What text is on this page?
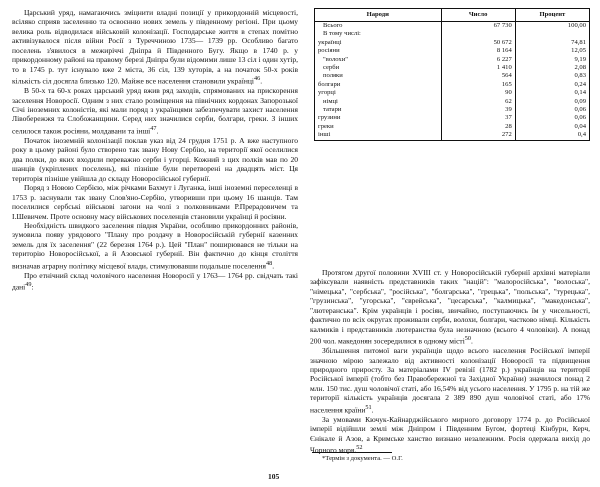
Царський уряд, намагаючись змiцнити владнi позицiї у прикордоннiй мiсцевостi, всiляко сприяв заселенню та освоєнню нових земель у пiвденному регiонi. При цьому велика роль вiдводилася вiйськовiй колонiзацiї. Господарське життя в степах помiтно активiзувалося пiсля вiйни Росiї з Туреччиною 1735— 1739 рр. Особливо багато поселень з'явилося в межирiччi Днiпра й Пiвденного Бугу. Якщо в 1740 р. у прикордонному районi на правому березi Днiпра були вiдомими лише 13 сiл i один хутiр, то в 1745 р. тут iснувало вже 2 мiста, 36 сiл, 139 хуторiв, а на початок 50-х рокiв кiлькiсть сiл досягла близько 120. Майже все населення становили українцi$^{46}$.

В 50-х та 60-х роках царський уряд вжив ряд заходiв, спрямованих на прискорення заселення Новоросiї. Одним з них стало розмiщення на пiвнiчних кордонах Запорозької Сiчi iноземних колонiстiв, якi мали поряд з українцями забезпечувати захист населення Лiвобережжя та Слобожанщини. Серед них значилися серби, болгари, греки. З iнших селилося також росiяни, молдавани та iншi$^{47}$.

Початок iноземнiй колонiзацiї поклав указ вiд 24 грудня 1751 р. А вже наступного року в цьому районi було створено так звану Нову Сербiю, на територiї якої оселилися два полки, до яких входили переважно серби i угорцi. Кожний з цих полкiв мав по 20 шанцiв (укрiплених поселень), якi пiзнiше були перетворенi на двадцять мiст. Ця територiя пiзнiше увiйшла до складу Новоросiйської губернiї.

Поряд з Новою Сербiєю, мiж рiчками Бахмут i Луганка, iншi iноземнi переселенцi в 1753 р. заснували так звану Слов'яно-Сербiю, утворивши при цьому 16 шанцiв. Там поселилися сербськi вiйськовi загони на чолi з полковниками Р.Прерадовичем та I.Шевичем. Проте основну масу вiйськових поселенцiв становили українцi й росiяни.

Необхiднiсть швидкого заселення пiвдня України, особливо прикордонних районiв, зумовила появу урядового "Плану про роздачу в Новоросiйськiй губернiї казенних земель для їх заселення" (22 березня 1764 р.). Цей "План" поширювався не тiльки на територiю Новоросiйської, а й Азовської губернiї. Вiн фактично до кiнця столiття визначав аграрну полiтику мiсцевої влади, стимулювавши подальше поселення$^{48}$.

Про етнiчний склад чоловiчого населення Новоросiї у 1763— 1764 рр. свiдчать такi данi$^{49}$:

Народи	Число	Процент
Всього	67 730	100,00
В тому числi:		
українцi	50 672	74,81
росiяни	8 164	12,05
"волохи"	6 227	9,19
серби	1 410	2,08
поляки	564	0,83
болгари	165	0,24
угорцi	90	0,14
нiмцi	62	0,09
татари	39	0,06
грузини	37	0,06
греки	28	0,04
iншi	272	0,4

Протягом другої половини XVIII ст. у Новоросiйськiй губернiї архiвнi матерiали зафiксували наявнiсть представникiв таких "нацiй": "малоросiйська", "волоська", "нiмецька", "сербська", "росiйська", "болгарська", "грецька", "польська", "турецька", "грузинська", "угорська", "єврейська", "цесарська", "калмицька", "македонська", "лютеранська". Крiм українцiв i росiян, звичайно, поступаючись їм у чисельностi, фактично по всiх округах проживали серби, волохи, болгари, частково нiмцi. Кiлькiсть калмикiв i представникiв лютеранства була незначною (всього 4 чоловiки). А понад 200 чол. македонян зосередилися в одному мiстi$^{50}$.

Збiльшення питомої ваги українцiв щодо всього населення Росiйської iмперiї значною мiрою залежало вiд активностi колонiзацiї Новоросiї та пiдвищення природного приросту. За матерiалами IV ревiзiї (1782 р.) українцiв на територiї Росiйської iмперiї (тобто без Правобережної та Захiдної України) значилося понад 2 млн. 150 тис. душ чоловiчої статi, або 16,54% вiд усього населення. У 1795 р. на тiй же територiї кiлькiсть українцiв досягала 2 389 890 душ чоловiчої статi, або 17% населення країни$^{51}$.

За умовами Кючук-Кайнарджiйського мирного договору 1774 р. до Росiйської iмперiї вiдiйшли землi мiж Днiпром i Пiвденним Бугом, фортецi Кiнбурн, Керч, Єнiкале й Азов, а Кримське ханство визнано незалежним. Росiя одержала вихiд до Чорного моря.$^{52}$

*Термiн з документа. — О.Г.
105
